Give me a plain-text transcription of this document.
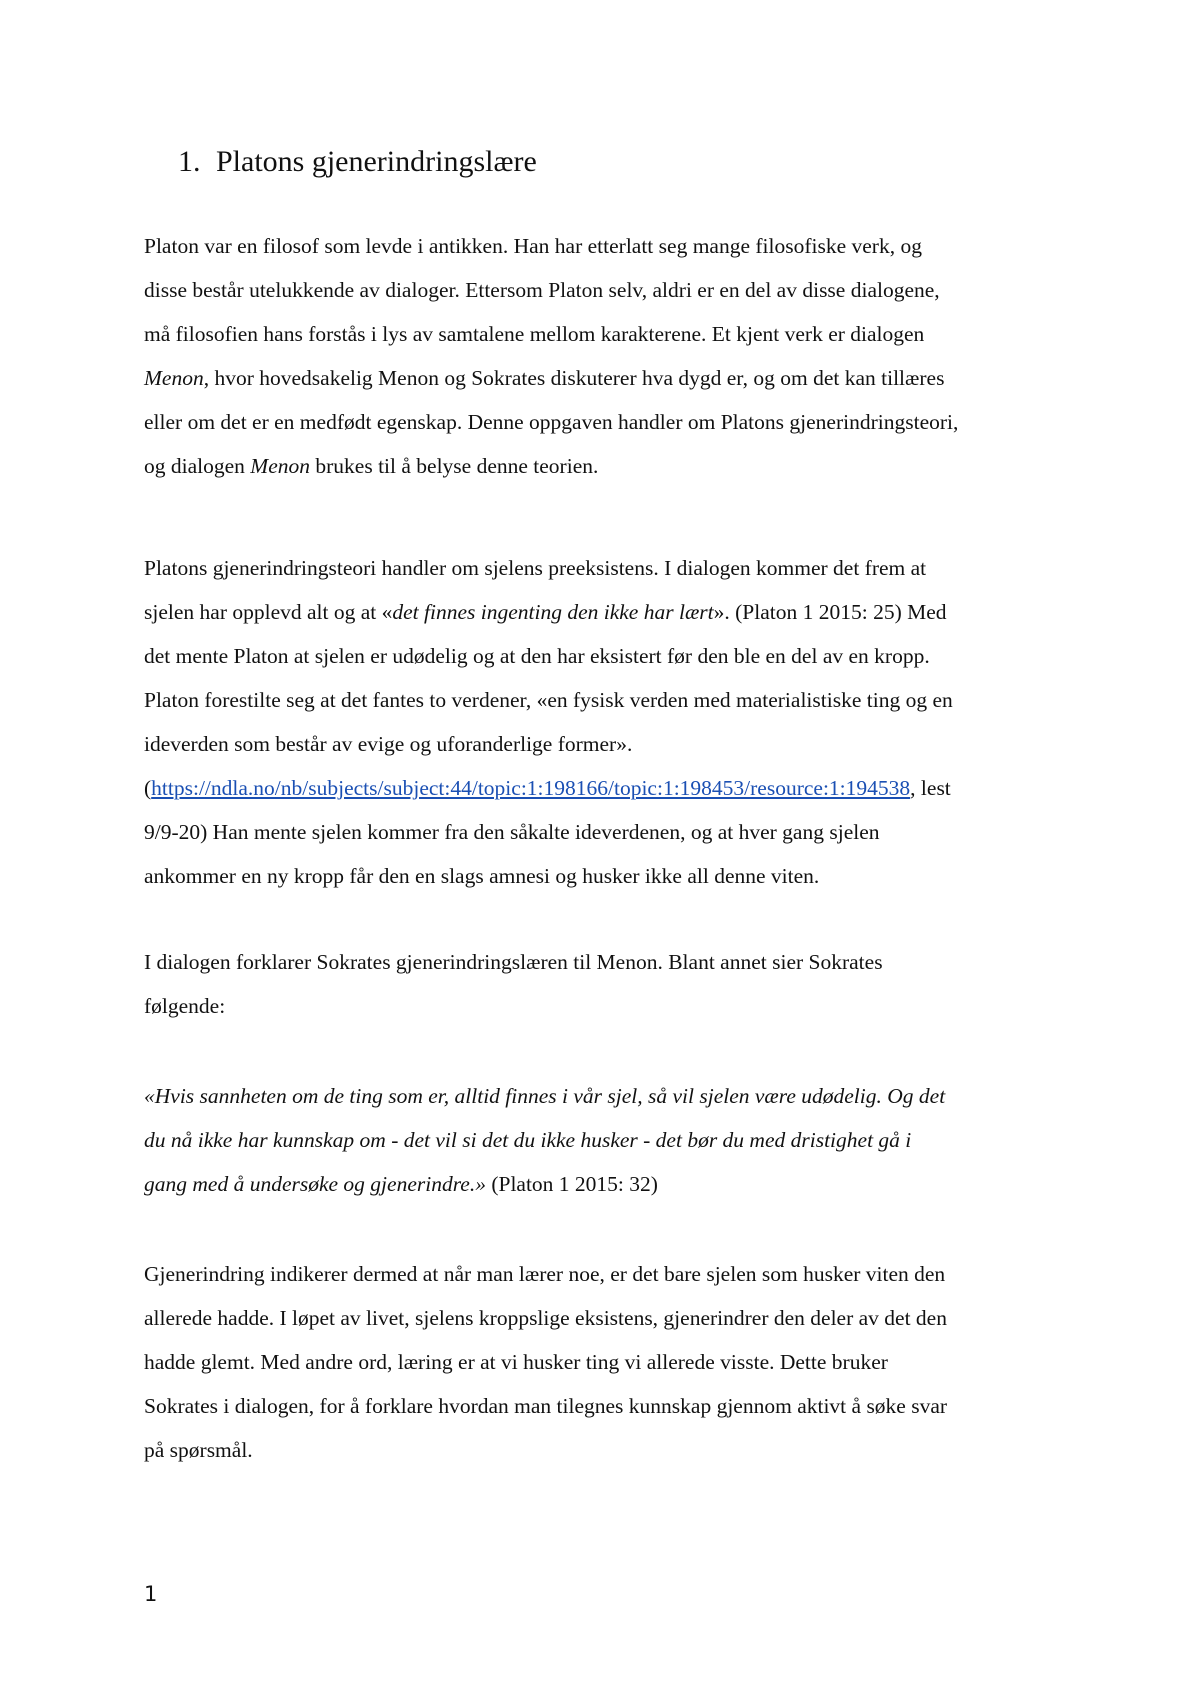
1. Platons gjenerindringslære

Platon var en filosof som levde i antikken. Han har etterlatt seg mange filosofiske verk, og
disse består utelukkende av dialoger. Ettersom Platon selv, aldri er en del av disse dialogene,
må filosofien hans forstås i lys av samtalene mellom karakterene. Et kjent verk er dialogen
Menon, hvor hovedsakelig Menon og Sokrates diskuterer hva dygd er, og om det kan tillæres
eller om det er en medfødt egenskap. Denne oppgaven handler om Platons gjenerindringsteori,
og dialogen Menon brukes til å belyse denne teorien.

Platons gjenerindringsteori handler om sjelens preeksistens. I dialogen kommer det frem at
sjelen har opplevd alt og at «det finnes ingenting den ikke har lært». (Platon 1 2015: 25) Med
det mente Platon at sjelen er udødelig og at den har eksistert før den ble en del av en kropp.
Platon forestilte seg at det fantes to verdener, «en fysisk verden med materialistiske ting og en
ideverden som består av evige og uforanderlige former».
(https://ndla.no/nb/subjects/subject:44/topic:1:198166/topic:1:198453/resource:1:194538, lest
9/9-20) Han mente sjelen kommer fra den såkalte ideverdenen, og at hver gang sjelen
ankommer en ny kropp får den en slags amnesi og husker ikke all denne viten.

I dialogen forklarer Sokrates gjenerindringslæren til Menon. Blant annet sier Sokrates
følgende:

«Hvis sannheten om de ting som er, alltid finnes i vår sjel, så vil sjelen være udødelig. Og det
du nå ikke har kunnskap om - det vil si det du ikke husker - det bør du med dristighet gå i
gang med å undersøke og gjenerindre.» (Platon 1 2015: 32)

Gjenerindring indikerer dermed at når man lærer noe, er det bare sjelen som husker viten den
allerede hadde. I løpet av livet, sjelens kroppslige eksistens, gjenerindrer den deler av det den
hadde glemt. Med andre ord, læring er at vi husker ting vi allerede visste. Dette bruker
Sokrates i dialogen, for å forklare hvordan man tilegnes kunnskap gjennom aktivt å søke svar
på spørsmål.

1
